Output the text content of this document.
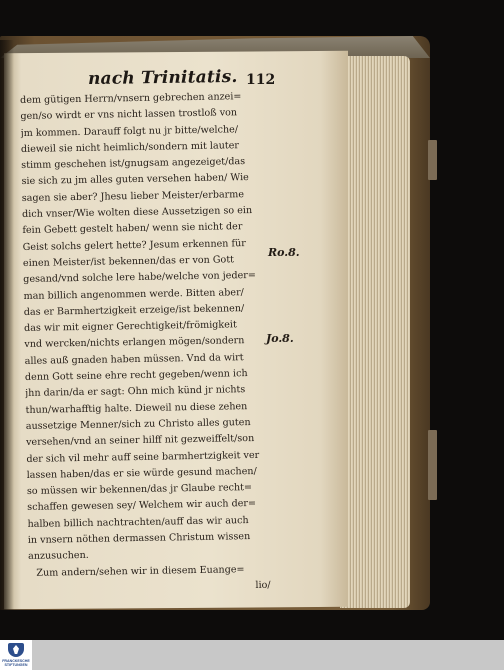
nach Trinitatis. 112
dem gütigen Herrn/vnsern gebrechen anzei=
gen/so wirdt er vns nicht lassen trostloß von
jm kommen. Darauff folgt nu jr bitte/welche/
dieweil sie nicht heimlich/sondern mit lauter
stimm geschehen ist/gnugsam angezeiget/das
sie sich zu jm alles guten versehen haben/ Wie
sagen sie aber? Jhesu lieber Meister/erbarme
dich vnser/Wie wolten diese Aussetzigen so ein
fein Gebett gestelt haben/ wenn sie nicht der
Geist solchs gelert hette? Jesum erkennen für
einen Meister/ist bekennen/das er von Gott
gesand/vnd solche lere habe/welche von jeder=
man billich angenommen werde. Bitten aber/
das er Barmhertzigkeit erzeige/ist bekennen/
das wir mit eigner Gerechtigkeit/frömigkeit
vnd wercken/nichts erlangen mögen/sondern
alles auß gnaden haben müssen. Vnd da wirt
denn Gott seine ehre recht gegeben/wenn ich
jhn darin/da er sagt: Ohn mich künd jr nichts
thun/warhafftig halte. Dieweil nu diese zehen
aussetzige Menner/sich zu Christo alles guten
versehen/vnd an seiner hilff nit gezweiffelt/son
der sich vil mehr auff seine barmhertzigkeit ver
lassen haben/das er sie würde gesund machen/
so müssen wir bekennen/das jr Glaube recht=
schaffen gewesen sey/ Welchem wir auch der=
halben billich nachtrachten/auff das wir auch
in vnsern nöthen dermassen Christum wissen
anzusuchen.
Zum andern/sehen wir in diesem Euange=
lio/
Ro.8.
Jo.8.
FRANCKESCHE STIFTUNGEN
